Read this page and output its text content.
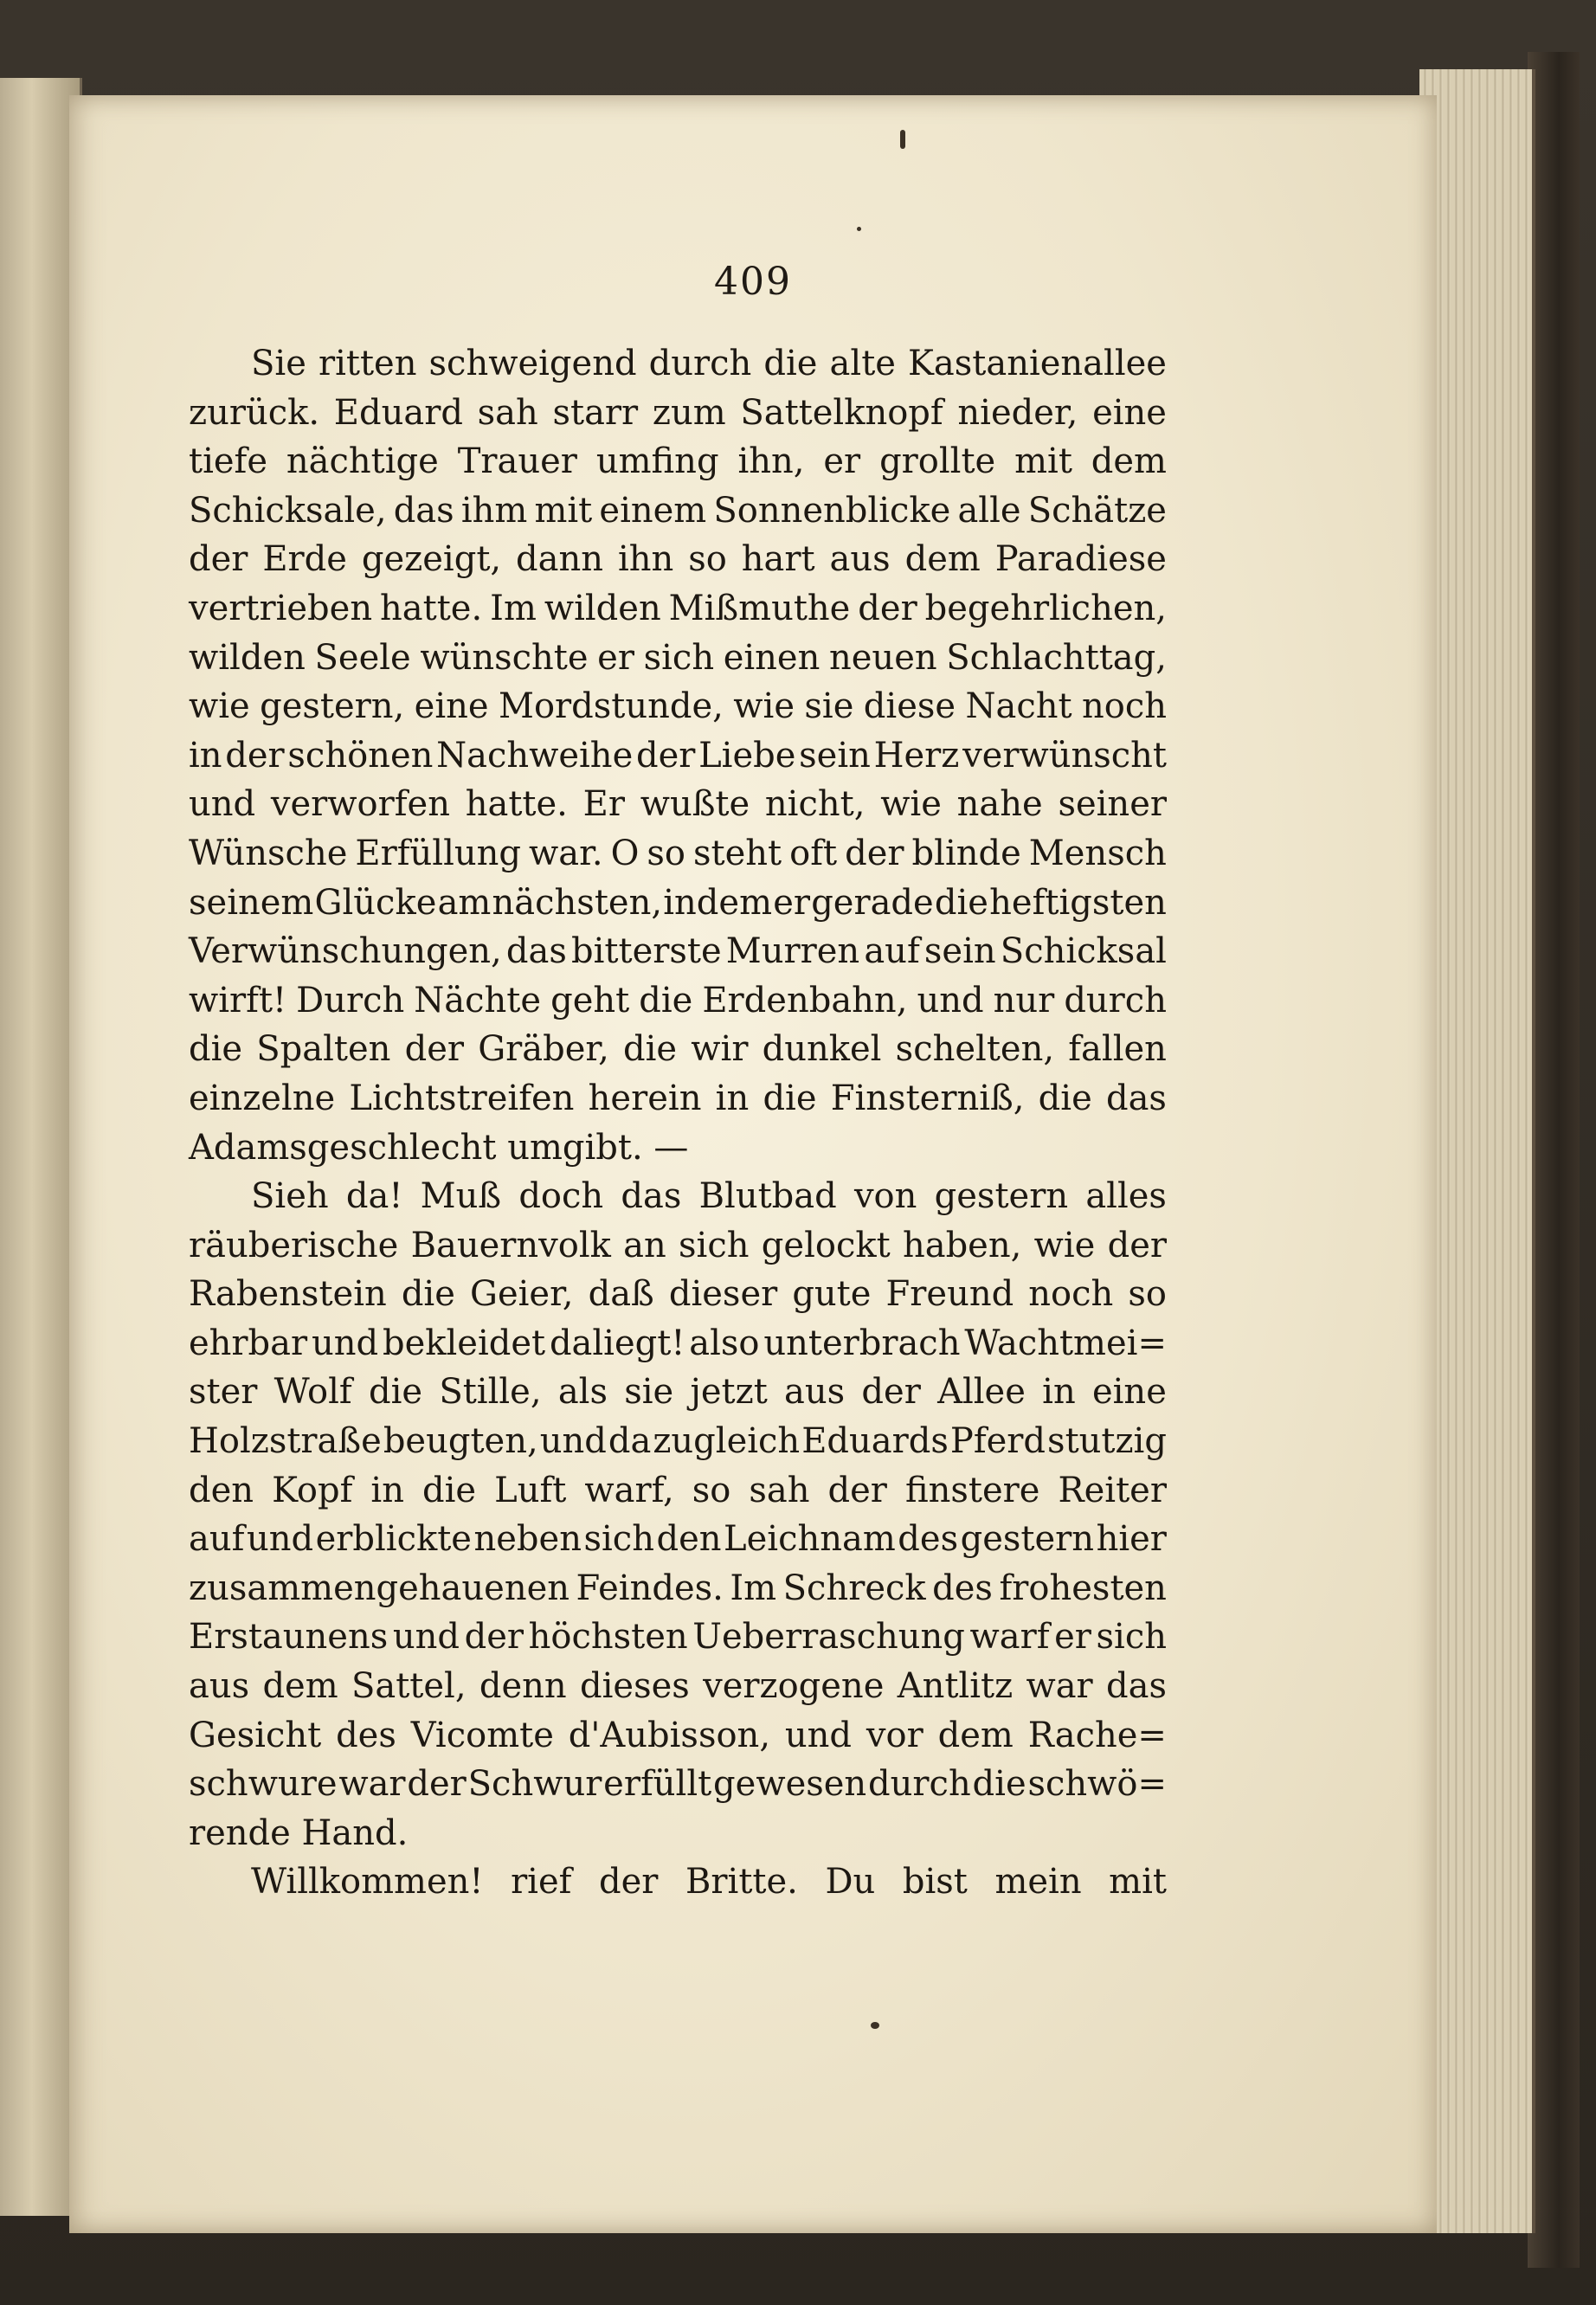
409
Sie ritten schweigend durch die alte Kastanienallee
zurück. Eduard sah starr zum Sattelknopf nieder, eine
tiefe nächtige Trauer umfing ihn, er grollte mit dem
Schicksale, das ihm mit einem Sonnenblicke alle Schätze
der Erde gezeigt, dann ihn so hart aus dem Paradiese
vertrieben hatte. Im wilden Mißmuthe der begehrlichen,
wilden Seele wünschte er sich einen neuen Schlachttag,
wie gestern, eine Mordstunde, wie sie diese Nacht noch
in der schönen Nachweihe der Liebe sein Herz verwünscht
und verworfen hatte. Er wußte nicht, wie nahe seiner
Wünsche Erfüllung war. O so steht oft der blinde Mensch
seinem Glücke am nächsten, indem er gerade die heftigsten
Verwünschungen, das bitterste Murren auf sein Schicksal
wirft! Durch Nächte geht die Erdenbahn, und nur durch
die Spalten der Gräber, die wir dunkel schelten, fallen
einzelne Lichtstreifen herein in die Finsterniß, die das
Adamsgeschlecht umgibt. —
Sieh da! Muß doch das Blutbad von gestern alles
räuberische Bauernvolk an sich gelockt haben, wie der
Rabenstein die Geier, daß dieser gute Freund noch so
ehrbar und bekleidet daliegt! also unterbrach Wachtmei=
ster Wolf die Stille, als sie jetzt aus der Allee in eine
Holzstraße beugten, und da zugleich Eduards Pferd stutzig
den Kopf in die Luft warf, so sah der finstere Reiter
auf und erblickte neben sich den Leichnam des gestern hier
zusammengehauenen Feindes. Im Schreck des frohesten
Erstaunens und der höchsten Ueberraschung warf er sich
aus dem Sattel, denn dieses verzogene Antlitz war das
Gesicht des Vicomte d'Aubisson, und vor dem Rache=
schwure war der Schwur erfüllt gewesen durch die schwö=
rende Hand.
Willkommen! rief der Britte. Du bist mein mit
